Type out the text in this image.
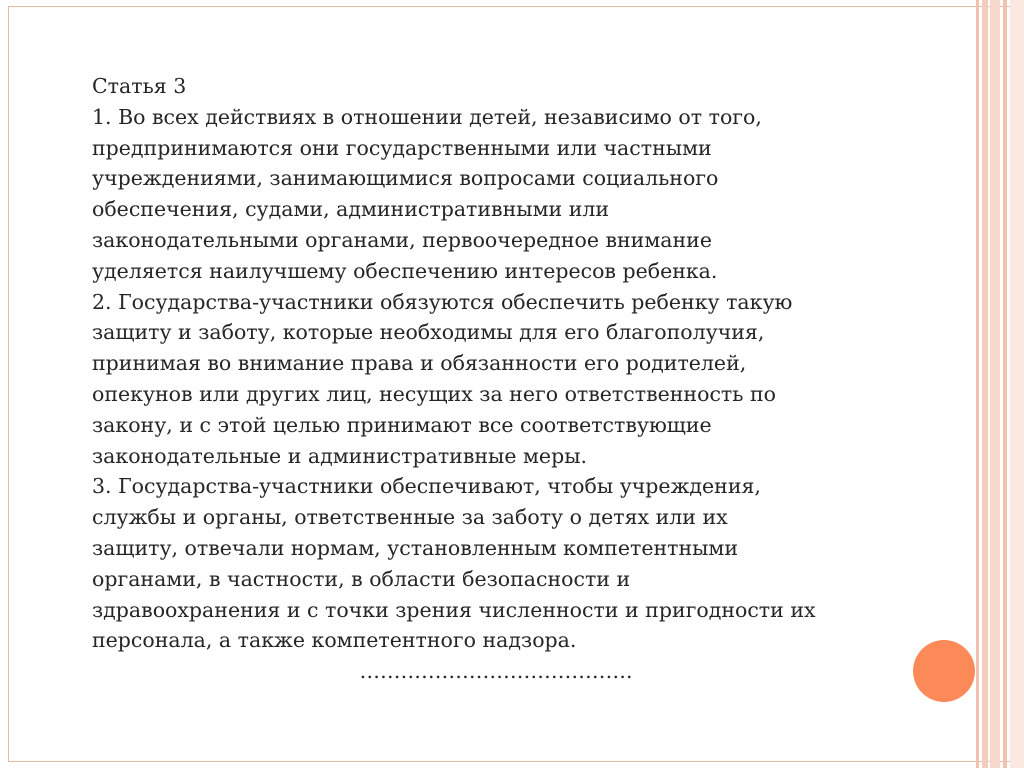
Статья 3
1. Во всех действиях в отношении детей, независимо от того,
предпринимаются они государственными или частными
учреждениями, занимающимися вопросами социального
обеспечения, судами, административными или
законодательными органами, первоочередное внимание
уделяется наилучшему обеспечению интересов ребенка.
2. Государства-участники обязуются обеспечить ребенку такую
защиту и заботу, которые необходимы для его благополучия,
принимая во внимание права и обязанности его родителей,
опекунов или других лиц, несущих за него ответственность по
закону, и с этой целью принимают все соответствующие
законодательные и административные меры.
3. Государства-участники обеспечивают, чтобы учреждения,
службы и органы, ответственные за заботу о детях или их
защиту, отвечали нормам, установленным компетентными
органами, в частности, в области безопасности и
здравоохранения и с точки зрения численности и пригодности их
персонала, а также компетентного надзора.
………………………………….
